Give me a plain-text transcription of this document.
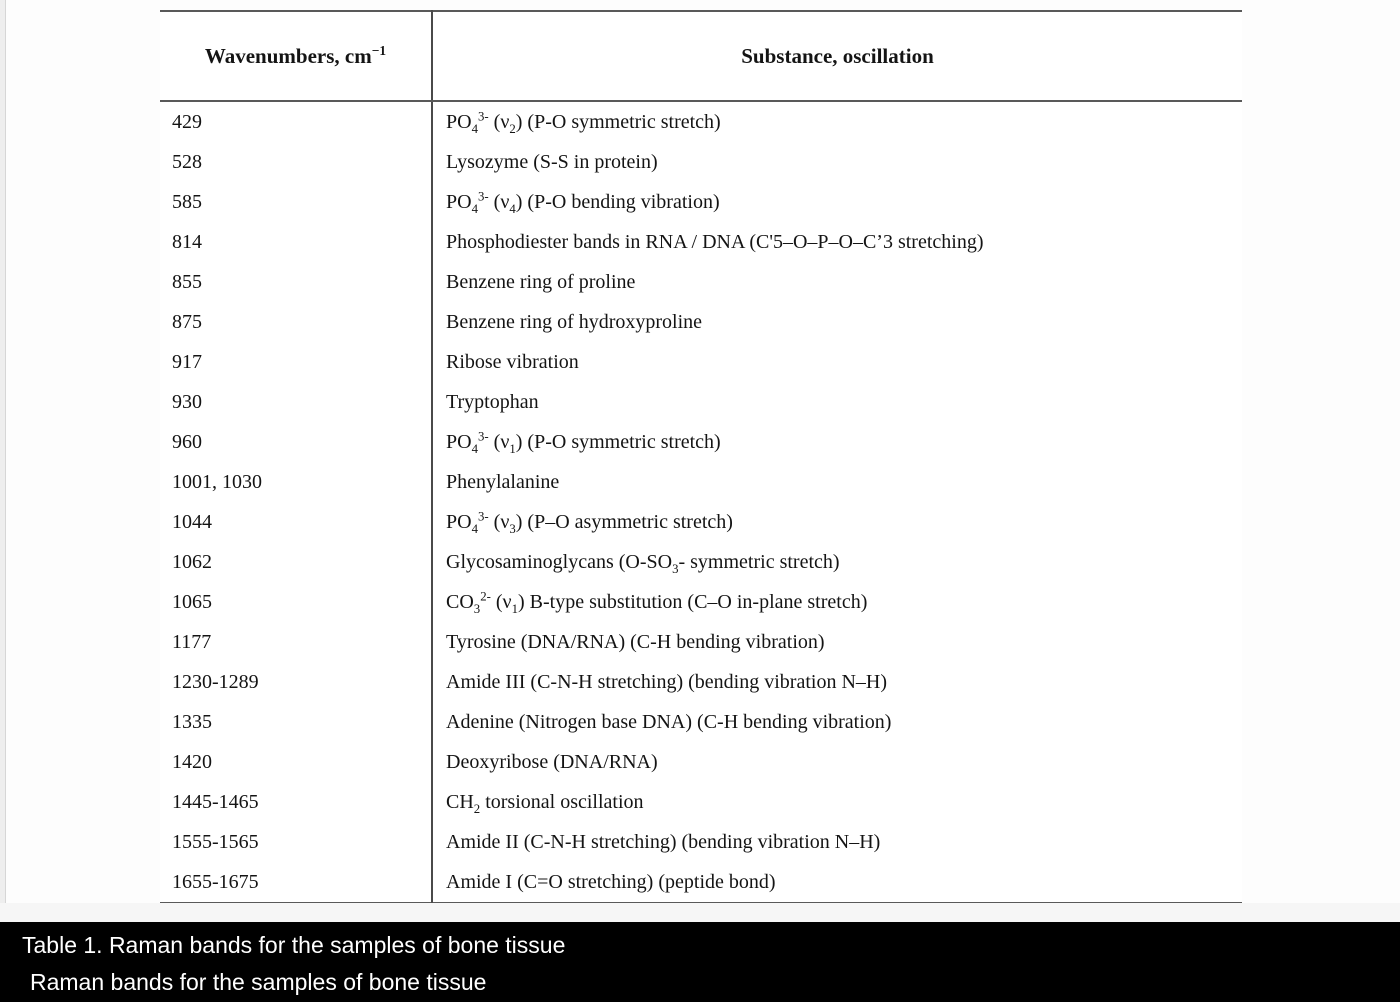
Wavenumbers, $cm^{-1}$	Substance, oscillation
429	$PO_4^{3-}$ $(\nu_2)$ (P-O symmetric stretch)
528	Lysozyme (S-S in protein)
585	$PO_4^{3-}$ $(\nu_4)$ (P-O bending vibration)
814	Phosphodiester bands in RNA / DNA (C'5–O–P–O–C’3 stretching)
855	Benzene ring of proline
875	Benzene ring of hydroxyproline
917	Ribose vibration
930	Tryptophan
960	$PO_4^{3-}$ $(\nu_1)$ (P-O symmetric stretch)
1001, 1030	Phenylalanine
1044	$PO_4^{3-}$ $(\nu_3)$ (P–O asymmetric stretch)
1062	Glycosaminoglycans ($O-SO_3-$ symmetric stretch)
1065	$CO_3^{2-}$ $(\nu_1)$ B-type substitution (C–O in-plane stretch)
1177	Tyrosine (DNA/RNA) (C-H bending vibration)
1230-1289	Amide III (C-N-H stretching) (bending vibration N–H)
1335	Adenine (Nitrogen base DNA) (C-H bending vibration)
1420	Deoxyribose (DNA/RNA)
1445-1465	$CH_2$ torsional oscillation
1555-1565	Amide II (C-N-H stretching) (bending vibration N–H)
1655-1675	Amide I (C=O stretching) (peptide bond)
Table 1. Raman bands for the samples of bone tissue
Raman bands for the samples of bone tissue
